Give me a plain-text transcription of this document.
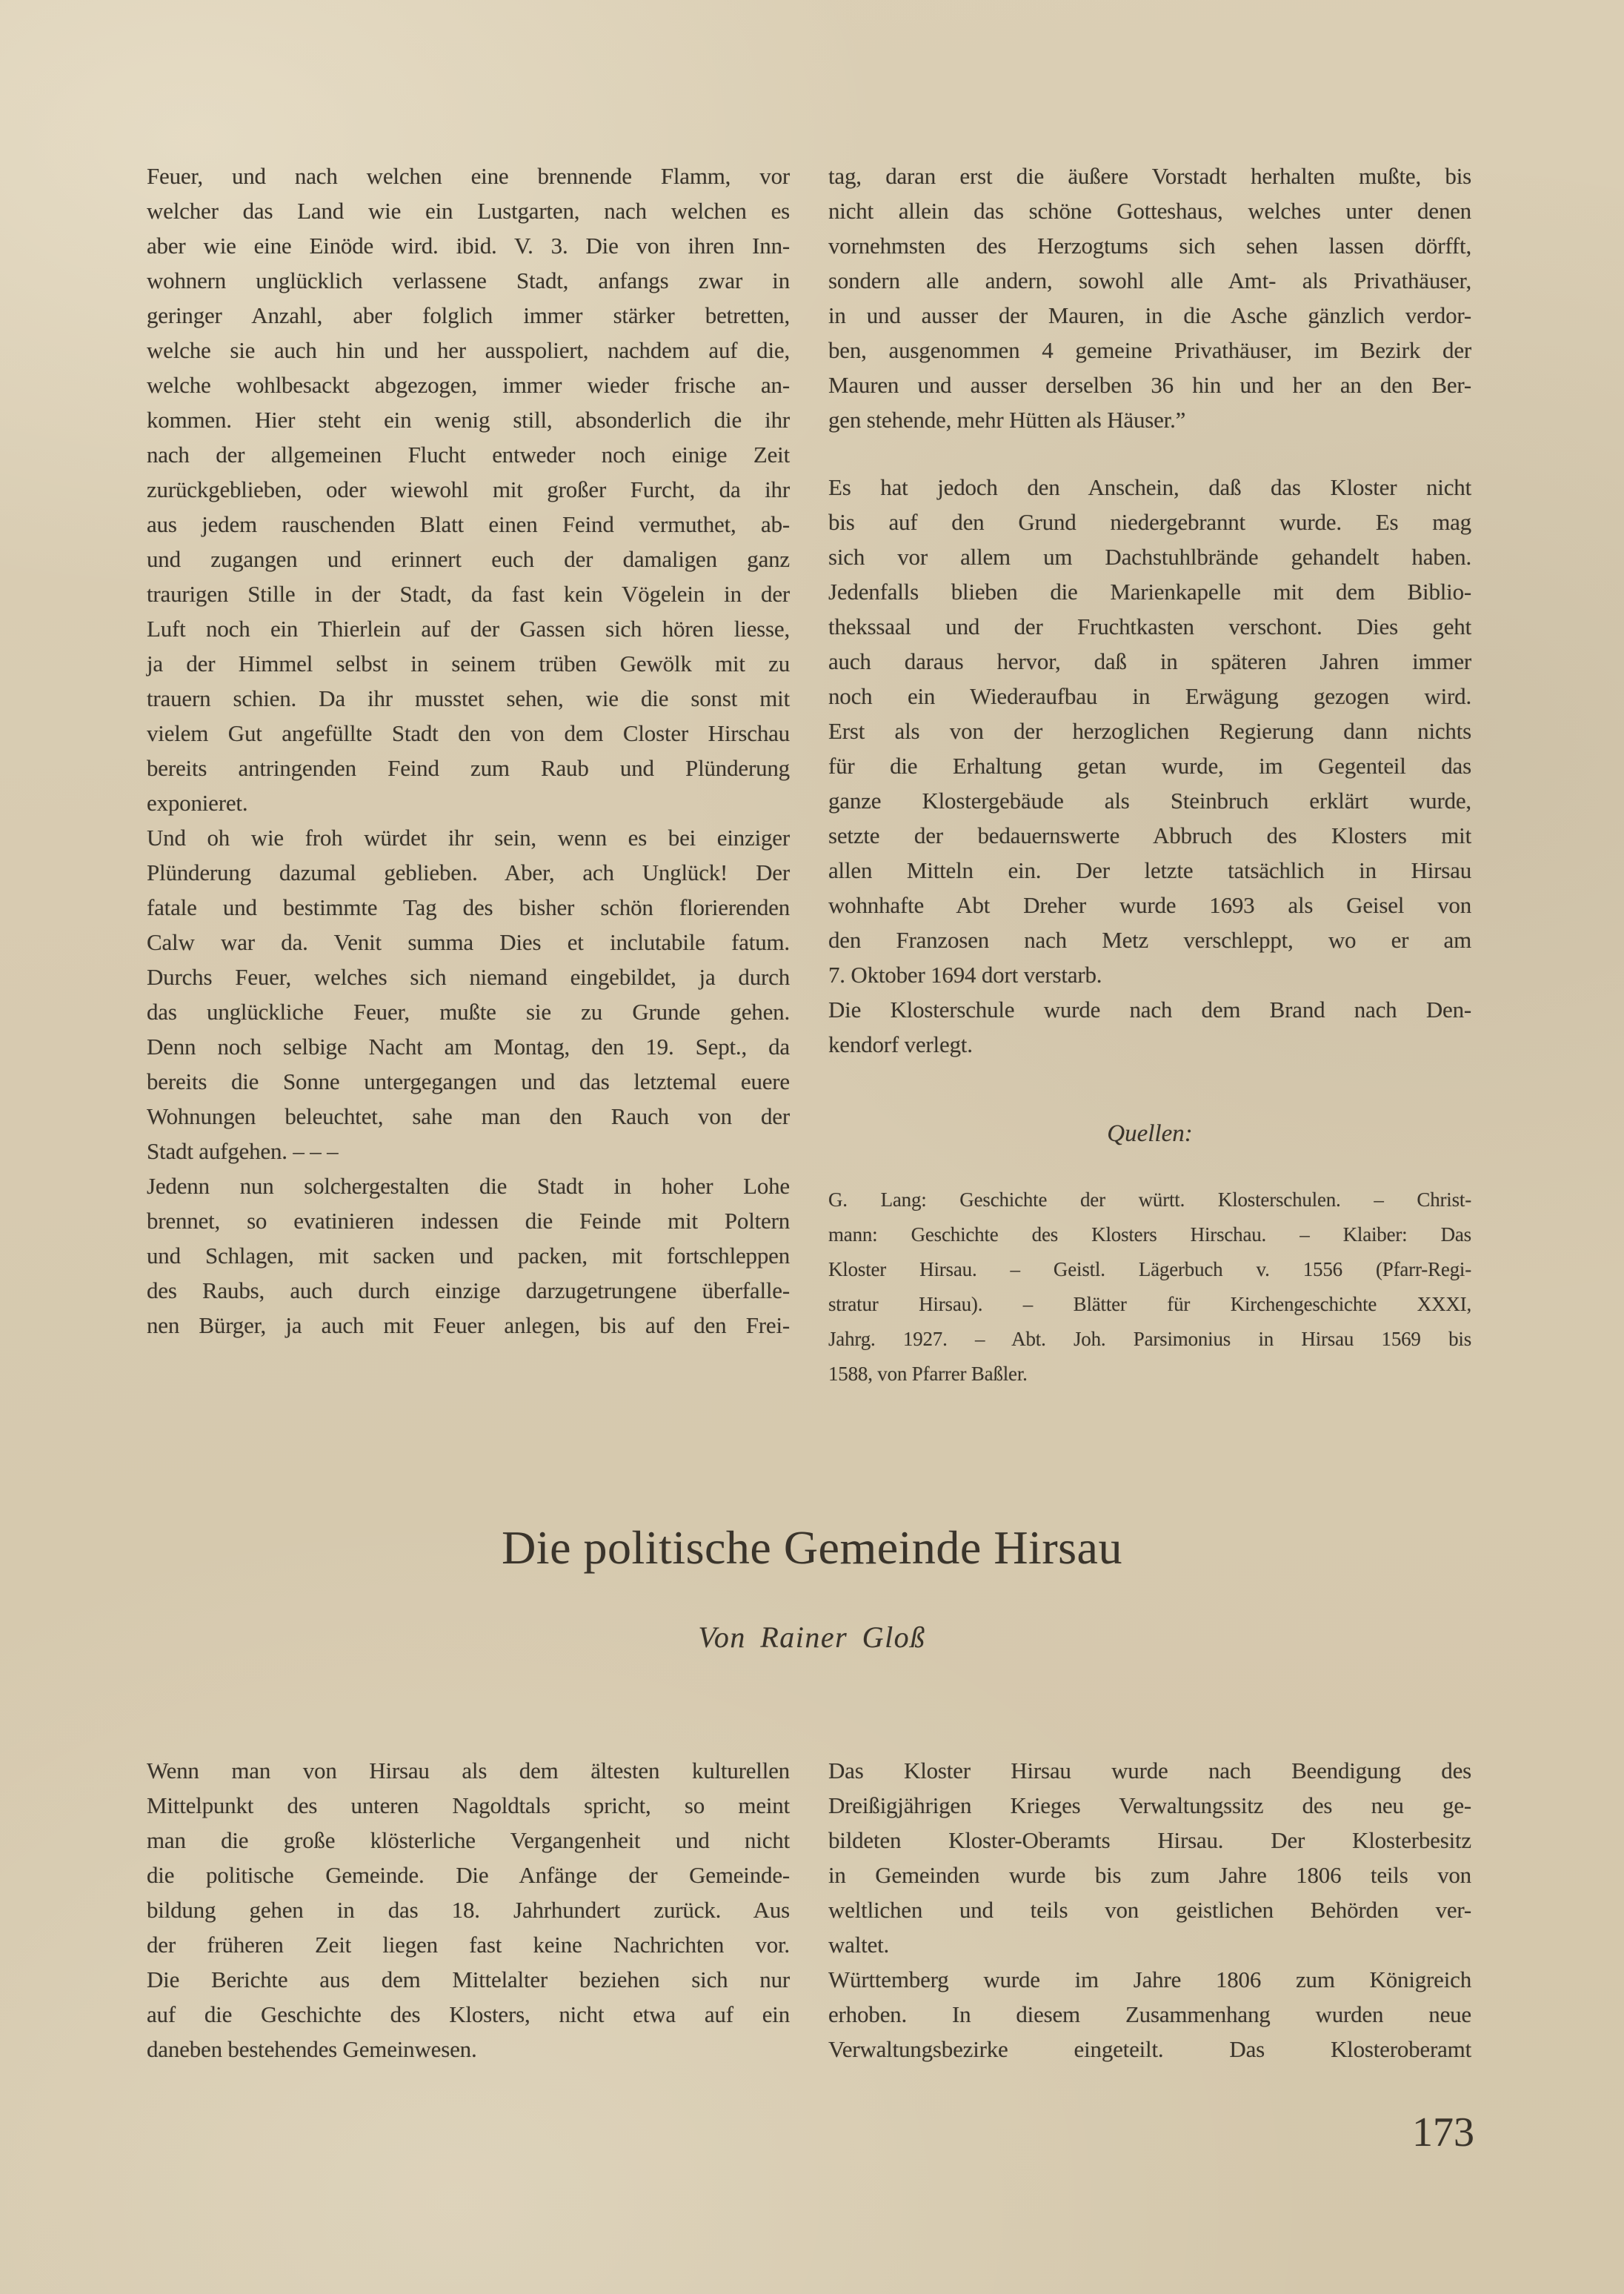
Feuer, und nach welchen eine brennende Flamm, vor
welcher das Land wie ein Lustgarten, nach welchen es
aber wie eine Einöde wird. ibid. V. 3. Die von ihren Inn-
wohnern unglücklich verlassene Stadt, anfangs zwar in
geringer Anzahl, aber folglich immer stärker betretten,
welche sie auch hin und her ausspoliert, nachdem auf die,
welche wohlbesackt abgezogen, immer wieder frische an-
kommen. Hier steht ein wenig still, absonderlich die ihr
nach der allgemeinen Flucht entweder noch einige Zeit
zurückgeblieben, oder wiewohl mit großer Furcht, da ihr
aus jedem rauschenden Blatt einen Feind vermuthet, ab-
und zugangen und erinnert euch der damaligen ganz
traurigen Stille in der Stadt, da fast kein Vögelein in der
Luft noch ein Thierlein auf der Gassen sich hören liesse,
ja der Himmel selbst in seinem trüben Gewölk mit zu
trauern schien. Da ihr musstet sehen, wie die sonst mit
vielem Gut angefüllte Stadt den von dem Closter Hirschau
bereits antringenden Feind zum Raub und Plünderung
exponieret.
Und oh wie froh würdet ihr sein, wenn es bei einziger
Plünderung dazumal geblieben. Aber, ach Unglück! Der
fatale und bestimmte Tag des bisher schön florierenden
Calw war da. Venit summa Dies et inclutabile fatum.
Durchs Feuer, welches sich niemand eingebildet, ja durch
das unglückliche Feuer, mußte sie zu Grunde gehen.
Denn noch selbige Nacht am Montag, den 19. Sept., da
bereits die Sonne untergegangen und das letztemal euere
Wohnungen beleuchtet, sahe man den Rauch von der
Stadt aufgehen. – – –
Jedenn nun solchergestalten die Stadt in hoher Lohe
brennet, so evatinieren indessen die Feinde mit Poltern
und Schlagen, mit sacken und packen, mit fortschleppen
des Raubs, auch durch einzige darzugetrungene überfalle-
nen Bürger, ja auch mit Feuer anlegen, bis auf den Frei-
tag, daran erst die äußere Vorstadt herhalten mußte, bis
nicht allein das schöne Gotteshaus, welches unter denen
vornehmsten des Herzogtums sich sehen lassen dörfft,
sondern alle andern, sowohl alle Amt- als Privathäuser,
in und ausser der Mauren, in die Asche gänzlich verdor-
ben, ausgenommen 4 gemeine Privathäuser, im Bezirk der
Mauren und ausser derselben 36 hin und her an den Ber-
gen stehende, mehr Hütten als Häuser.”
Es hat jedoch den Anschein, daß das Kloster nicht
bis auf den Grund niedergebrannt wurde. Es mag
sich vor allem um Dachstuhlbrände gehandelt haben.
Jedenfalls blieben die Marienkapelle mit dem Biblio-
thekssaal und der Fruchtkasten verschont. Dies geht
auch daraus hervor, daß in späteren Jahren immer
noch ein Wiederaufbau in Erwägung gezogen wird.
Erst als von der herzoglichen Regierung dann nichts
für die Erhaltung getan wurde, im Gegenteil das
ganze Klostergebäude als Steinbruch erklärt wurde,
setzte der bedauernswerte Abbruch des Klosters mit
allen Mitteln ein. Der letzte tatsächlich in Hirsau
wohnhafte Abt Dreher wurde 1693 als Geisel von
den Franzosen nach Metz verschleppt, wo er am
7. Oktober 1694 dort verstarb.
Die Klosterschule wurde nach dem Brand nach Den-
kendorf verlegt.
Quellen:
G. Lang: Geschichte der württ. Klosterschulen. – Christ-
mann: Geschichte des Klosters Hirschau. – Klaiber: Das
Kloster Hirsau. – Geistl. Lägerbuch v. 1556 (Pfarr-Regi-
stratur Hirsau). – Blätter für Kirchengeschichte XXXI,
Jahrg. 1927. – Abt. Joh. Parsimonius in Hirsau 1569 bis
1588, von Pfarrer Baßler.
Die politische Gemeinde Hirsau
Von Rainer Gloß
Wenn man von Hirsau als dem ältesten kulturellen
Mittelpunkt des unteren Nagoldtals spricht, so meint
man die große klösterliche Vergangenheit und nicht
die politische Gemeinde. Die Anfänge der Gemeinde-
bildung gehen in das 18. Jahrhundert zurück. Aus
der früheren Zeit liegen fast keine Nachrichten vor.
Die Berichte aus dem Mittelalter beziehen sich nur
auf die Geschichte des Klosters, nicht etwa auf ein
daneben bestehendes Gemeinwesen.
Das Kloster Hirsau wurde nach Beendigung des
Dreißigjährigen Krieges Verwaltungssitz des neu ge-
bildeten Kloster-Oberamts Hirsau. Der Klosterbesitz
in Gemeinden wurde bis zum Jahre 1806 teils von
weltlichen und teils von geistlichen Behörden ver-
waltet.
Württemberg wurde im Jahre 1806 zum Königreich
erhoben. In diesem Zusammenhang wurden neue
Verwaltungsbezirke eingeteilt. Das Klosteroberamt
173
